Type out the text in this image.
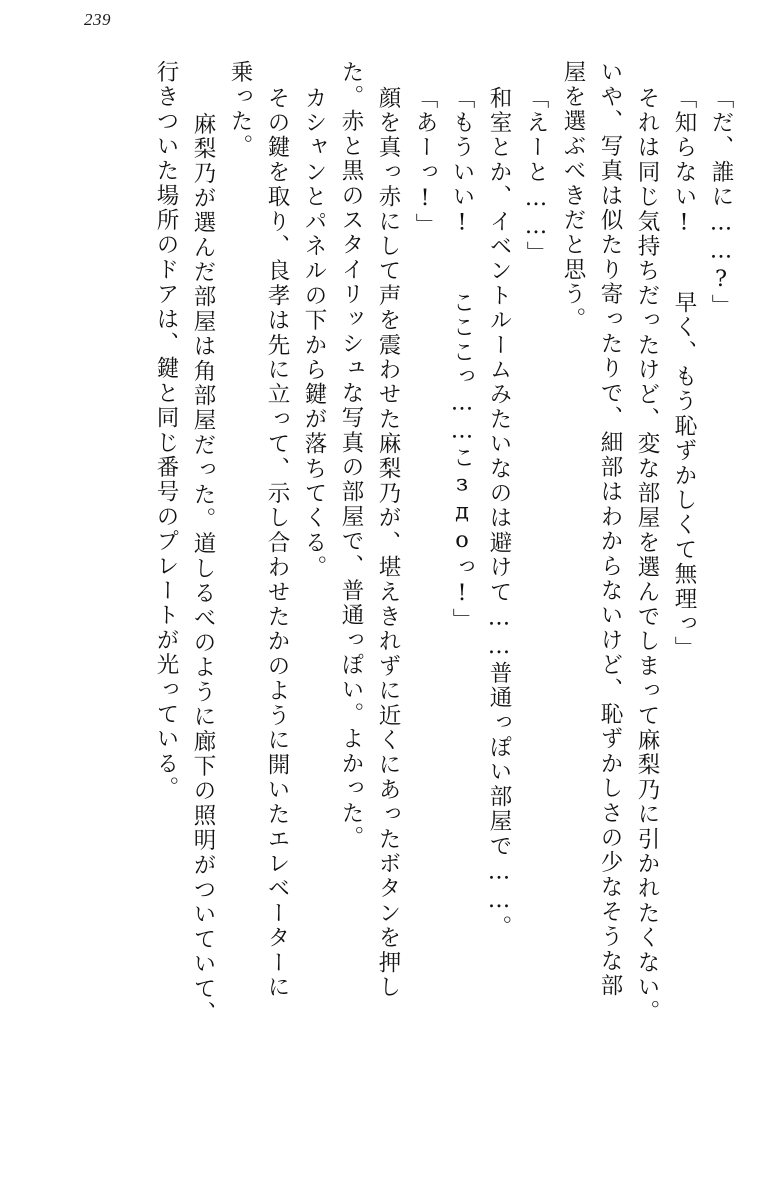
239
「だ、誰に……?」
「知らない! 　早く、もう恥ずかしくて無理っ」
それは同じ気持ちだったけど、変な部屋を選んでしまって麻梨乃に引かれたくない。
いや、写真は似たり寄ったりで、細部はわからないけど、恥ずかしさの少なそうな部
屋を選ぶべきだと思う。
「えーと……」
和室とか、イベントルームみたいなのは避けて……普通っぽい部屋で……。
「もういい! 　こここっ……こздоっ!」
「あーっ!」
顔を真っ赤にして声を震わせた麻梨乃が、堪えきれずに近くにあったボタンを押し
た。赤と黒のスタイリッシュな写真の部屋で、普通っぽい。よかった。
カシャンとパネルの下から鍵が落ちてくる。
その鍵を取り、良孝は先に立って、示し合わせたかのように開いたエレベーターに
乗った。
麻梨乃が選んだ部屋は角部屋だった。道しるべのように廊下の照明がついていて、
行きついた場所のドアは、鍵と同じ番号のプレートが光っている。
